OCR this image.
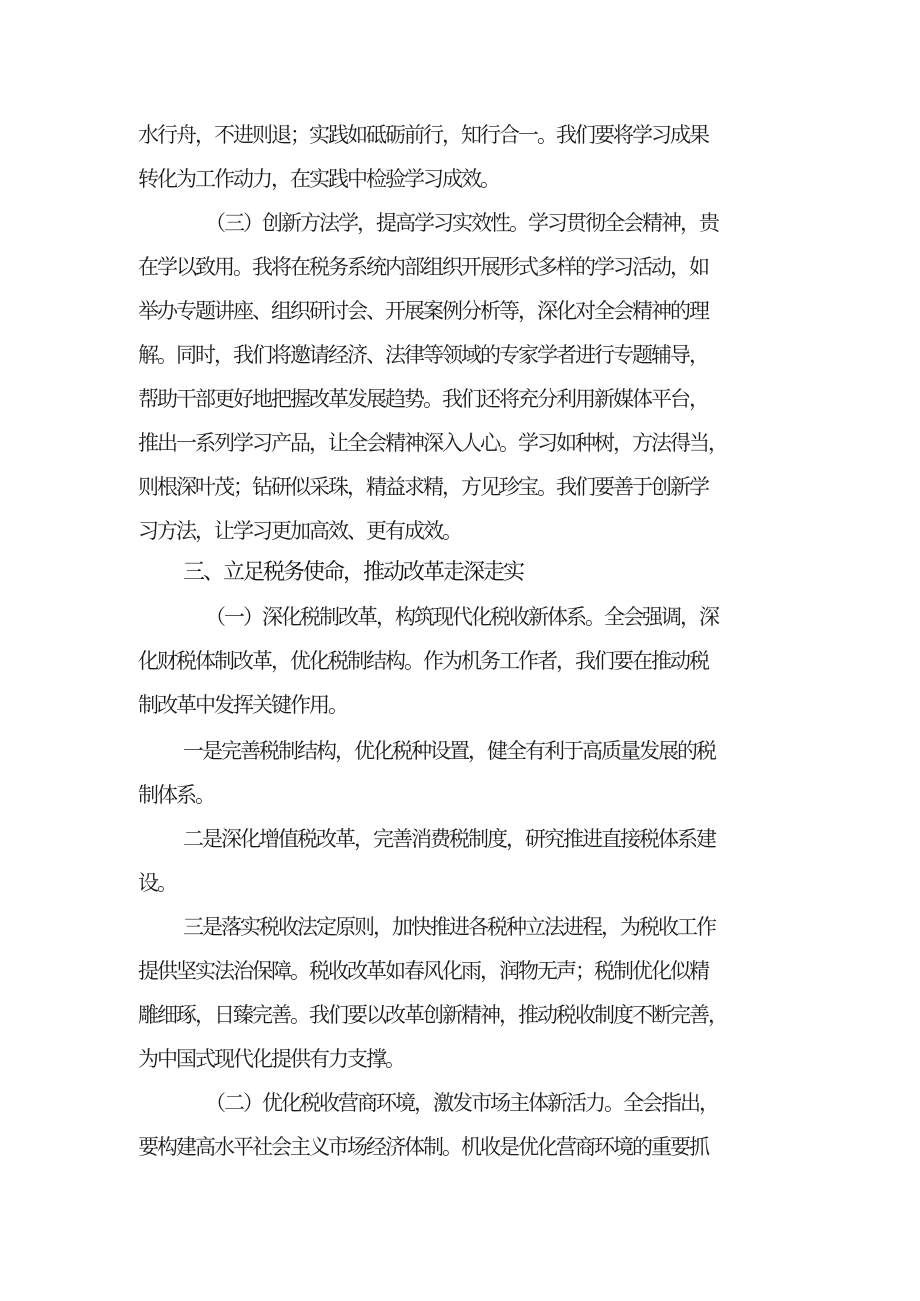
水行舟，不进则退；实践如砥砺前行，知行合一。我们要将学习成果

转化为工作动力，在实践中检验学习成效。

（三）创新方法学，提高学习实效性。学习贯彻全会精神，贵

在学以致用。我将在税务系统内部组织开展形式多样的学习活动，如

举办专题讲座、组织研讨会、开展案例分析等，深化对全会精神的理

解。同时，我们将邀请经济、法律等领域的专家学者进行专题辅导，

帮助干部更好地把握改革发展趋势。我们还将充分利用新媒体平台，

推出一系列学习产品，让全会精神深入人心。学习如种树，方法得当，

则根深叶茂；钻研似采珠，精益求精，方见珍宝。我们要善于创新学

习方法，让学习更加高效、更有成效。

三、立足税务使命，推动改革走深走实

（一）深化税制改革，构筑现代化税收新体系。全会强调，深

化财税体制改革，优化税制结构。作为机务工作者，我们要在推动税

制改革中发挥关键作用。

一是完善税制结构，优化税种设置，健全有利于高质量发展的税

制体系。

二是深化增值税改革，完善消费税制度，研究推进直接税体系建

设。

三是落实税收法定原则，加快推进各税种立法进程，为税收工作

提供坚实法治保障。税收改革如春风化雨，润物无声；税制优化似精

雕细琢，日臻完善。我们要以改革创新精神，推动税收制度不断完善，

为中国式现代化提供有力支撑。

（二）优化税收营商环境，激发市场主体新活力。全会指出，

要构建高水平社会主义市场经济体制。机收是优化营商环境的重要抓
